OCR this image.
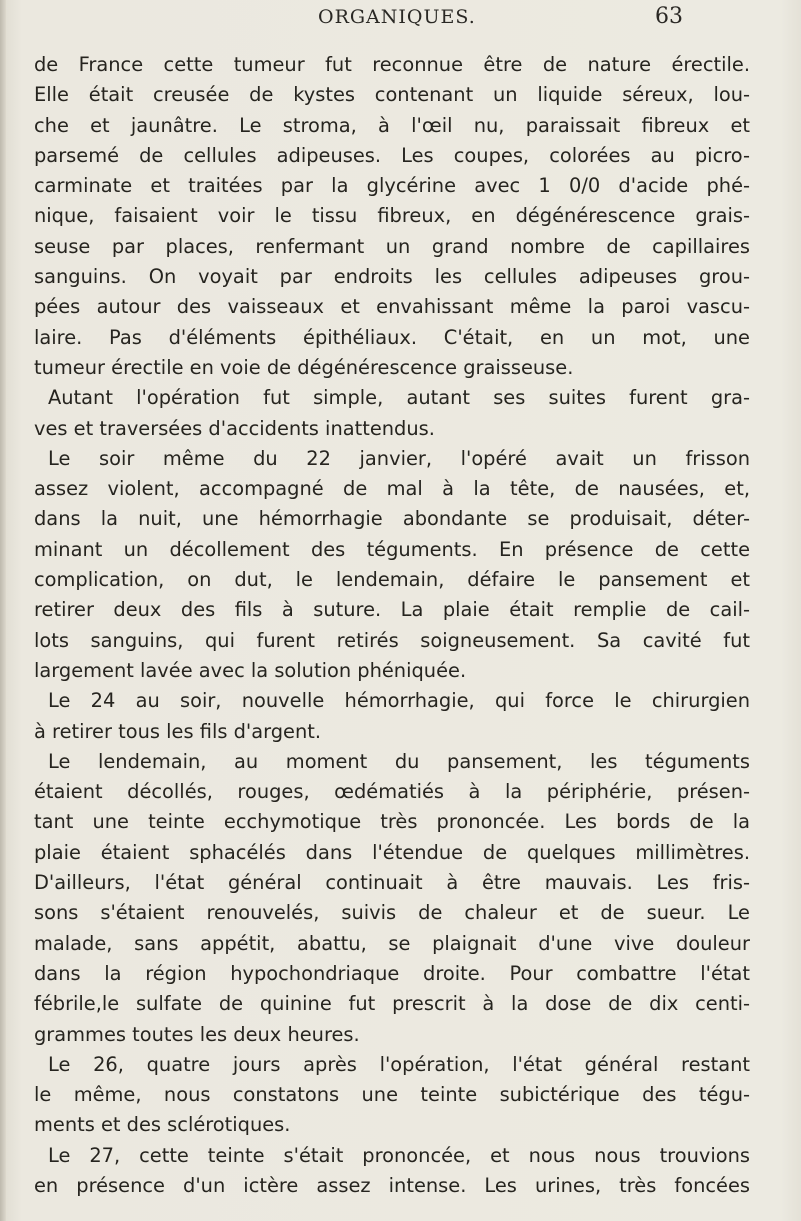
ORGANIQUES.	63
de France cette tumeur fut reconnue être de nature érectile.
Elle était creusée de kystes contenant un liquide séreux, lou-
che et jaunâtre. Le stroma, à l'œil nu, paraissait fibreux et
parsemé de cellules adipeuses. Les coupes, colorées au picro-
carminate et traitées par la glycérine avec 1 0/0 d'acide phé-
nique, faisaient voir le tissu fibreux, en dégénérescence grais-
seuse par places, renfermant un grand nombre de capillaires
sanguins. On voyait par endroits les cellules adipeuses grou-
pées autour des vaisseaux et envahissant même la paroi vascu-
laire. Pas d'éléments épithéliaux. C'était, en un mot, une
tumeur érectile en voie de dégénérescence graisseuse.
Autant l'opération fut simple, autant ses suites furent gra-
ves et traversées d'accidents inattendus.
Le soir même du 22 janvier, l'opéré avait un frisson
assez violent, accompagné de mal à la tête, de nausées, et,
dans la nuit, une hémorrhagie abondante se produisait, déter-
minant un décollement des téguments. En présence de cette
complication, on dut, le lendemain, défaire le pansement et
retirer deux des fils à suture. La plaie était remplie de cail-
lots sanguins, qui furent retirés soigneusement. Sa cavité fut
largement lavée avec la solution phéniquée.
Le 24 au soir, nouvelle hémorrhagie, qui force le chirurgien
à retirer tous les fils d'argent.
Le lendemain, au moment du pansement, les téguments
étaient décollés, rouges, œdématiés à la périphérie, présen-
tant une teinte ecchymotique très prononcée. Les bords de la
plaie étaient sphacélés dans l'étendue de quelques millimètres.
D'ailleurs, l'état général continuait à être mauvais. Les fris-
sons s'étaient renouvelés, suivis de chaleur et de sueur. Le
malade, sans appétit, abattu, se plaignait d'une vive douleur
dans la région hypochondriaque droite. Pour combattre l'état
fébrile,le sulfate de quinine fut prescrit à la dose de dix centi-
grammes toutes les deux heures.
Le 26, quatre jours après l'opération, l'état général restant
le même, nous constatons une teinte subictérique des tégu-
ments et des sclérotiques.
Le 27, cette teinte s'était prononcée, et nous nous trouvions
en présence d'un ictère assez intense. Les urines, très foncées
